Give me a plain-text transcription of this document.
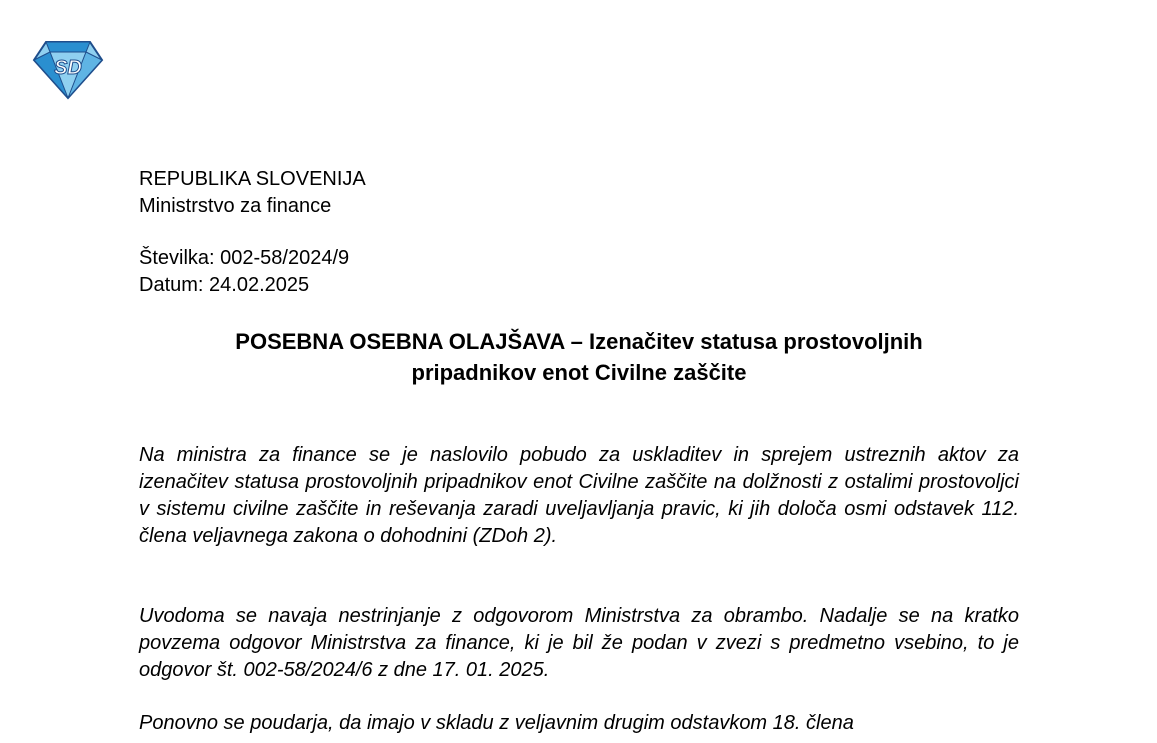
SD
REPUBLIKA SLOVENIJA
Ministrstvo za finance
Številka: 002-58/2024/9
Datum: 24.02.2025
POSEBNA OSEBNA OLAJŠAVA – Izenačitev statusa prostovoljnih
pripadnikov enot Civilne zaščite

Na ministra za finance se je naslovilo pobudo za uskladitev in sprejem ustreznih aktov za izenačitev statusa prostovoljnih pripadnikov enot Civilne zaščite na dolžnosti z ostalimi prostovoljci v sistemu civilne zaščite in reševanja zaradi uveljavljanja pravic, ki jih določa osmi odstavek 112. člena veljavnega zakona o dohodnini (ZDoh 2).

Uvodoma se navaja nestrinjanje z odgovorom Ministrstva za obrambo. Nadalje se na kratko povzema odgovor Ministrstva za finance, ki je bil že podan v zvezi s predmetno vsebino, to je odgovor št. 002-58/2024/6 z dne 17. 01. 2025.

Ponovno se poudarja, da imajo v skladu z veljavnim drugim odstavkom 18. člena
